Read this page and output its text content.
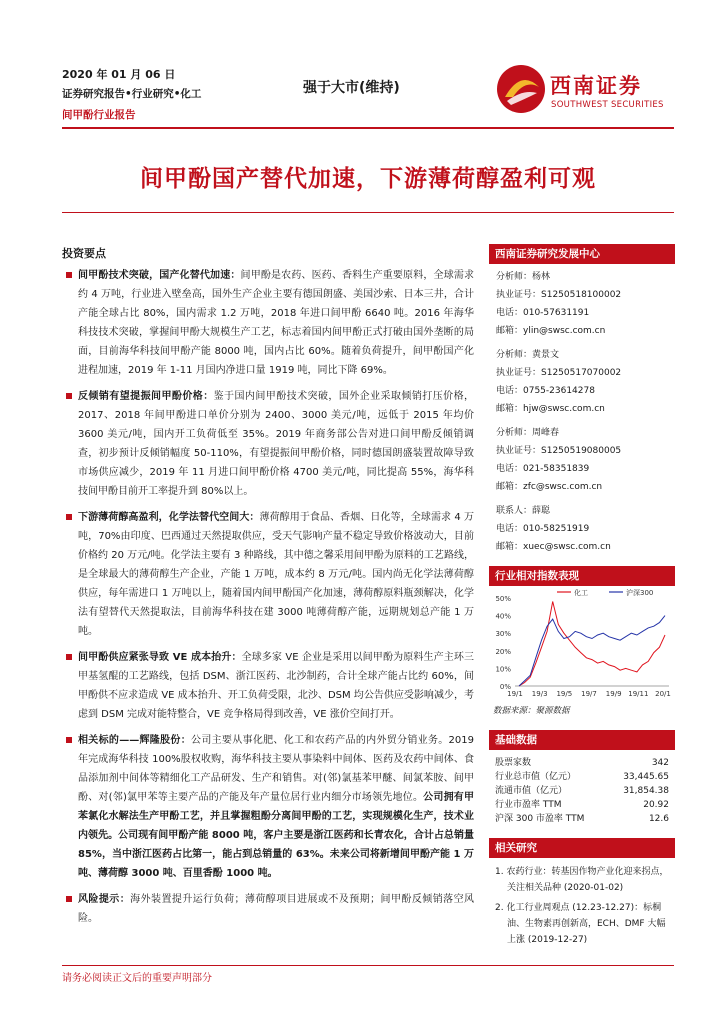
2020 年 01 月 06 日
证券研究报告•行业研究•化工
间甲酚行业报告
强于大市(维持)	西南证券
SOUTHWEST SECURITIES
间甲酚国产替代加速，下游薄荷醇盈利可观
投资要点
间甲酚技术突破，国产化替代加速：间甲酚是农药、医药、香料生产重要原料，全球需求约 4 万吨，行业进入壁垒高，国外生产企业主要有德国朗盛、美国沙索、日本三井，合计产能全球占比 80%，国内需求 1.2 万吨，2018 年进口间甲酚 6640 吨。2016 年海华科技技术突破，掌握间甲酚大规模生产工艺，标志着国内间甲酚正式打破由国外垄断的局面，目前海华科技间甲酚产能 8000 吨，国内占比 60%。随着负荷提升，间甲酚国产化进程加速，2019 年 1-11 月国内净进口量 1919 吨，同比下降 69%。
反倾销有望提振间甲酚价格：鉴于国内间甲酚技术突破，国外企业采取倾销打压价格，2017、2018 年间甲酚进口单价分别为 2400、3000 美元/吨，远低于 2015 年均价 3600 美元/吨，国内开工负荷低至 35%。2019 年商务部公告对进口间甲酚反倾销调查，初步预计反倾销幅度 50-110%，有望提振间甲酚价格，同时德国朗盛装置故障导致市场供应减少，2019 年 11 月进口间甲酚价格 4700 美元/吨，同比提高 55%，海华科技间甲酚目前开工率提升到 80%以上。
下游薄荷醇高盈利，化学法替代空间大：薄荷醇用于食品、香烟、日化等，全球需求 4 万吨，70%由印度、巴西通过天然提取供应，受天气影响产量不稳定导致价格波动大，目前价格约 20 万元/吨。化学法主要有 3 种路线，其中德之馨采用间甲酚为原料的工艺路线，是全球最大的薄荷醇生产企业，产能 1 万吨，成本约 8 万元/吨。国内尚无化学法薄荷醇供应，每年需进口 1 万吨以上，随着国内间甲酚国产化加速，薄荷醇原料瓶颈解决，化学法有望替代天然提取法，目前海华科技在建 3000 吨薄荷醇产能，远期规划总产能 1 万吨。
间甲酚供应紧张导致 VE 成本抬升：全球多家 VE 企业是采用以间甲酚为原料生产主环三甲基氢醌的工艺路线，包括 DSM、浙江医药、北沙制药，合计全球产能占比约 60%，间甲酚供不应求造成 VE 成本抬升、开工负荷受限，北沙、DSM 均公告供应受影响减少，考虑到 DSM 完成对能特整合，VE 竞争格局得到改善，VE 涨价空间打开。
相关标的——辉隆股份：公司主要从事化肥、化工和农药产品的内外贸分销业务。2019 年完成海华科技 100%股权收购，海华科技主要从事染料中间体、医药及农药中间体、食品添加剂中间体等精细化工产品研发、生产和销售。对(邻)氯基苯甲醚、间氯苯胺、间甲酚、对(邻)氯甲苯等主要产品的产能及年产量位居行业内细分市场领先地位。公司拥有甲苯氯化水解法生产甲酚工艺，并且掌握粗酚分离间甲酚的工艺，实现规模化生产，技术业内领先。公司现有间甲酚产能 8000 吨，客户主要是浙江医药和长青农化，合计占总销量 85%，当中浙江医药占比第一，能占到总销量的 63%。未来公司将新增间甲酚产能 1 万吨、薄荷醇 3000 吨、百里香酚 1000 吨。
风险提示：海外装置提升运行负荷；薄荷醇项目进展或不及预期；间甲酚反倾销落空风险。
西南证券研究发展中心
分析师：杨林
执业证号：S1250518100002
电话：010-57631191
邮箱：ylin@swsc.com.cn
分析师：黄景文
执业证号：S1250517070002
电话：0755-23614278
邮箱：hjw@swsc.com.cn
分析师：周峰春
执业证号：S1250519080005
电话：021-58351839
邮箱：zfc@swsc.com.cn
联系人：薛聪
电话：010-58251919
邮箱：xuec@swsc.com.cn
行业相对指数表现
0%
10%
20%
30%
40%
50%
19/1 19/3 19/5 19/7 19/9 19/11 20/1
化工	沪深300
数据来源：聚源数据
基础数据
股票家数	342
行业总市值（亿元）	33,445.65
流通市值（亿元）	31,854.38
行业市盈率 TTM	20.92
沪深 300 市盈率 TTM	12.6
相关研究
1. 农药行业：转基因作物产业化迎来拐点，关注相关品种 (2020-01-02)
2. 化工行业周观点 (12.23-12.27)：标桐油、生物素再创新高，ECH、DMF 大幅上涨 (2019-12-27)
请务必阅读正文后的重要声明部分
